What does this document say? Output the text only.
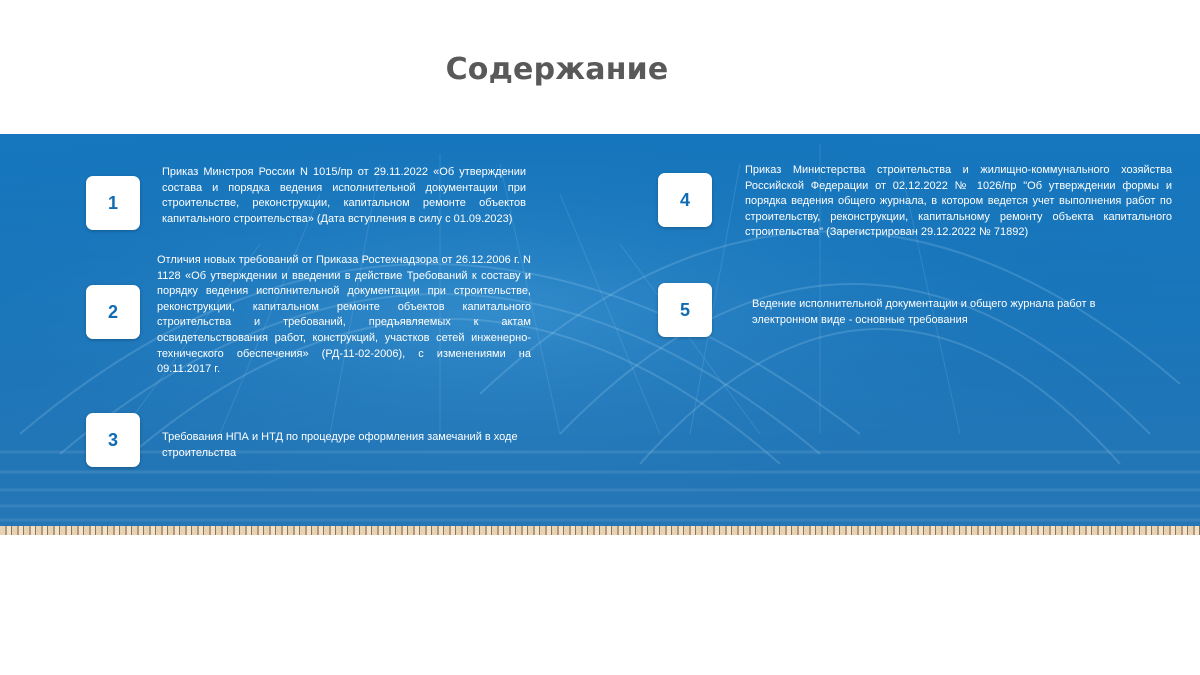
Содержание
1

Приказ Минстроя России N 1015/пр от 29.11.2022 «Об утверждении состава и порядка ведения исполнительной документации при строительстве, реконструкции, капитальном ремонте объектов капитального строительства» (Дата вступления в силу с 01.09.2023)

2

Отличия новых требований от Приказа Ростехнадзора от 26.12.2006 г. N 1128 «Об утверждении и введении в действие Требований к составу и порядку ведения исполнительной документации при строительстве, реконструкции, капитальном ремонте объектов капитального строительства и требований, предъявляемых к актам освидетельствования работ, конструкций, участков сетей инженерно-технического обеспечения» (РД-11-02-2006), с изменениями на 09.11.2017 г.

3	Требования НПА и НТД по процедуре оформления замечаний в ходе строительства

4

Приказ Министерства строительства и жилищно-коммунального хозяйства Российской Федерации от 02.12.2022 № 1026/пр "Об утверждении формы и порядка ведения общего журнала, в котором ведется учет выполнения работ по строительству, реконструкции, капитальному ремонту объекта капитального строительства" (Зарегистрирован 29.12.2022 № 71892)

5	Ведение исполнительной документации и общего журнала работ в электронном виде - основные требования
